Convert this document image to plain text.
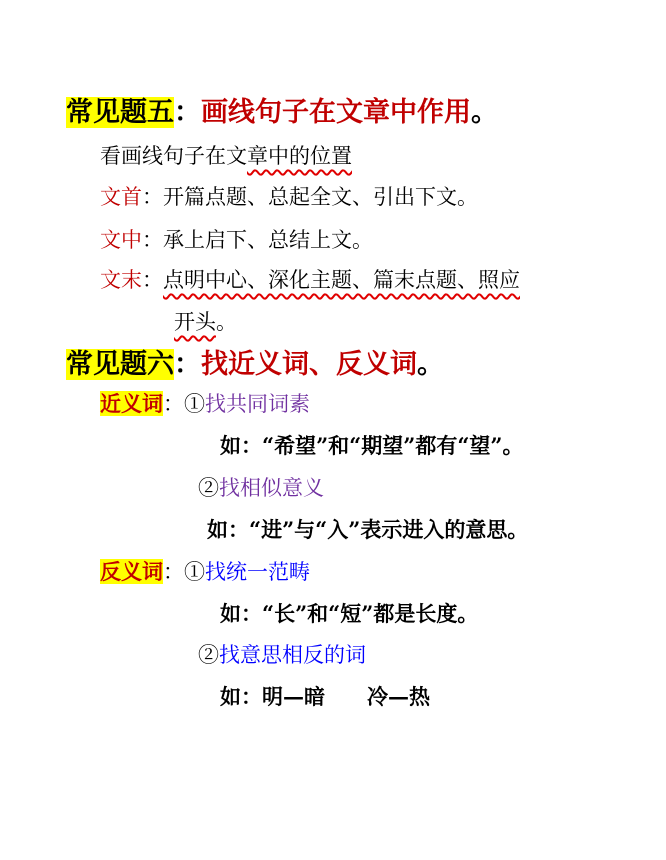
常见题五：画线句子在文章中作用。
看画线句子在文章中的位置
文首：开篇点题、总起全文、引出下文。
文中：承上启下、总结上文。
文末：点明中心、深化主题、篇末点题、照应
开头。
常见题六：找近义词、反义词。
近义词：①找共同词素
如：“希望”和“期望”都有“望”。
②找相似意义
如：“进”与“入”表示进入的意思。
反义词：①找统一范畴
如：“长”和“短”都是长度。
②找意思相反的词
如：明—暗　　冷—热
